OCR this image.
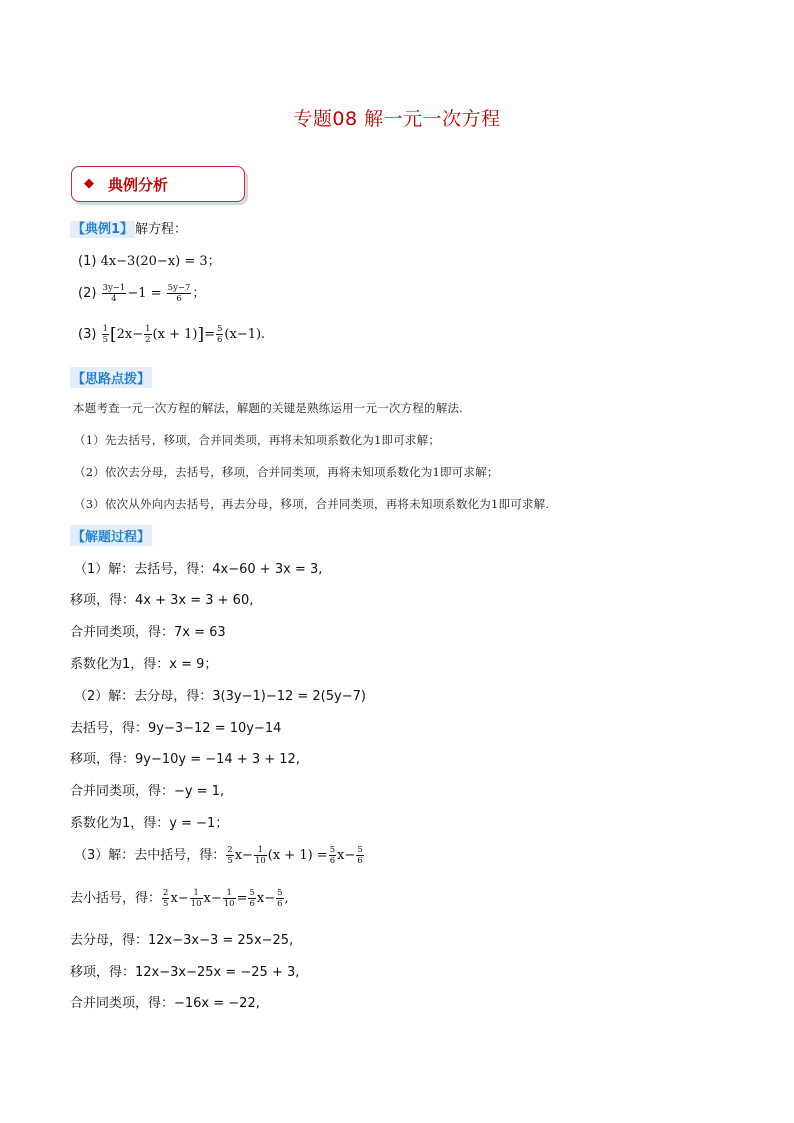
专题08 解一元一次方程
◆ 典例分析
【典例1】 解方程：
(1) 4x−3(20−x) = 3；
$(2) \frac{3y-1}{4} -1 = \frac{5y-7}{6}$ ；
$(3) \frac{1}{5} [2x- \frac{1}{2} (x + 1)]= \frac{5}{6} (x-1)$.
【思路点拨】
本题考查一元一次方程的解法，解题的关键是熟练运用一元一次方程的解法.
（1）先去括号，移项，合并同类项，再将未知项系数化为1即可求解；
（2）依次去分母，去括号，移项，合并同类项，再将未知项系数化为1即可求解；
（3）依次从外向内去括号，再去分母，移项，合并同类项，再将未知项系数化为1即可求解.
【解题过程】
（1）解：去括号，得：4x−60 + 3x = 3,
移项，得：4x + 3x = 3 + 60,
合并同类项，得：7x = 63
系数化为1，得：x = 9；
（2）解：去分母，得：3(3y−1)−12 = 2(5y−7)
去括号，得：9y−3−12 = 10y−14
移项，得：9y−10y = −14 + 3 + 12,
合并同类项，得：−y = 1,
系数化为1，得：y = −1；
（3）解：去中括号，得： $\frac{2}{5} x- \frac{1}{10} (x + 1) = \frac{5}{6} x- \frac{5}{6}$
去小括号，得： $\frac{2}{5} x- \frac{1}{10} x- \frac{1}{10} = \frac{5}{6} x- \frac{5}{6}$ ,
去分母，得：12x−3x−3 = 25x−25,
移项，得：12x−3x−25x = −25 + 3,
合并同类项，得：−16x = −22,
